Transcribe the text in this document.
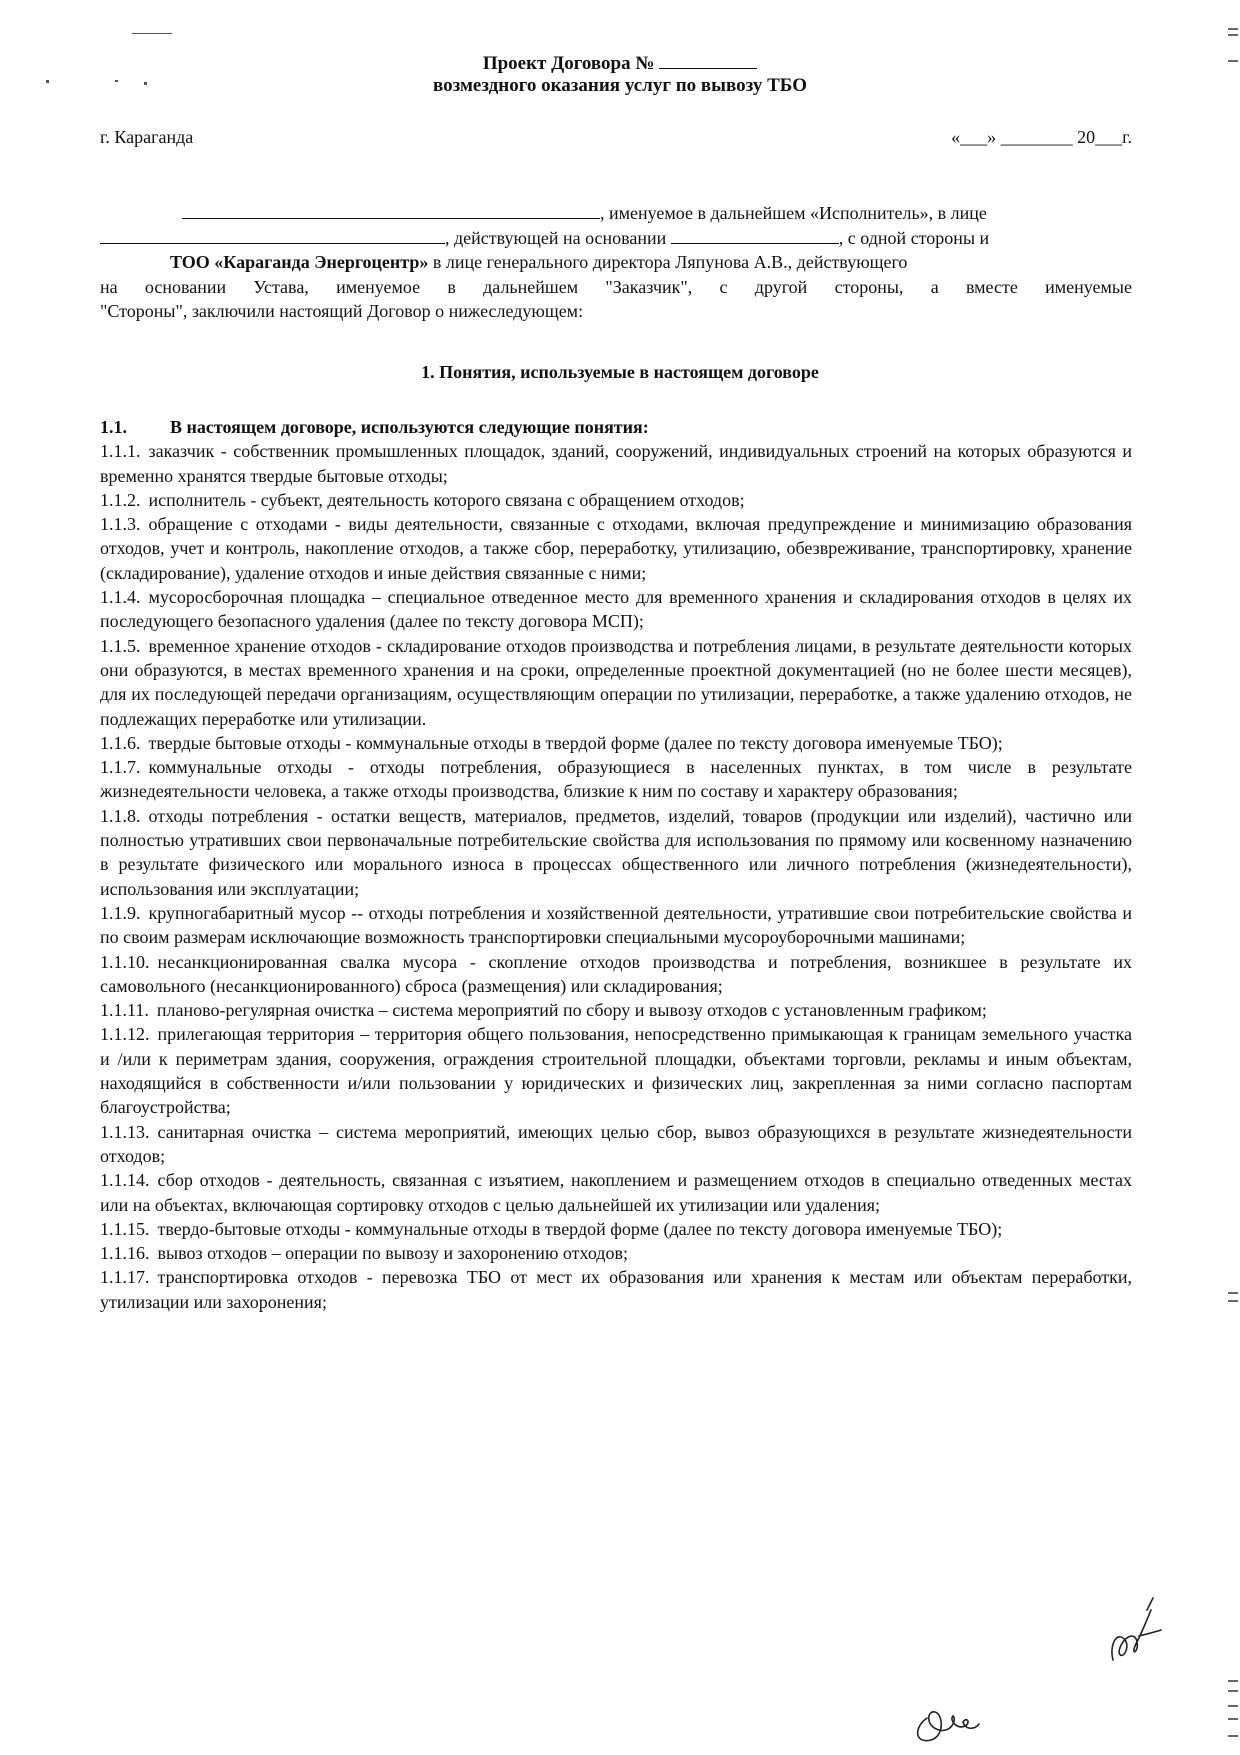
Проект Договора №
возмездного оказания услуг по вывозу ТБО
г. Караганда	«___» ________ 20___г.
, именуемое в дальнейшем «Исполнитель», в лице
, действующей на основании	, с одной стороны и
ТОО «Караганда Энергоцентр» в лице генерального директора Ляпунова А.В., действующего
на основании Устава, именуемое в дальнейшем "Заказчик", с другой стороны, а вместе именуемые
"Стороны", заключили настоящий Договор о нижеследующем:
1. Понятия, используемые в настоящем договоре
1.1. В настоящем договоре, используются следующие понятия:

1.1.1. заказчик - собственник промышленных площадок, зданий, сооружений, индивидуальных строений на которых образуются и временно хранятся твердые бытовые отходы;

1.1.2. исполнитель - субъект, деятельность которого связана с обращением отходов;

1.1.3. обращение с отходами - виды деятельности, связанные с отходами, включая предупреждение и минимизацию образования отходов, учет и контроль, накопление отходов, а также сбор, переработку, утилизацию, обезвреживание, транспортировку, хранение (складирование), удаление отходов и иные действия связанные с ними;

1.1.4. мусоросборочная площадка – специальное отведенное место для временного хранения и складирования отходов в целях их последующего безопасного удаления (далее по тексту договора МСП);

1.1.5. временное хранение отходов - складирование отходов производства и потребления лицами, в результате деятельности которых они образуются, в местах временного хранения и на сроки, определенные проектной документацией (но не более шести месяцев), для их последующей передачи организациям, осуществляющим операции по утилизации, переработке, а также удалению отходов, не подлежащих переработке или утилизации.

1.1.6. твердые бытовые отходы - коммунальные отходы в твердой форме (далее по тексту договора именуемые ТБО);

1.1.7. коммунальные отходы - отходы потребления, образующиеся в населенных пунктах, в том числе в результате жизнедеятельности человека, а также отходы производства, близкие к ним по составу и характеру образования;

1.1.8. отходы потребления - остатки веществ, материалов, предметов, изделий, товаров (продукции или изделий), частично или полностью утративших свои первоначальные потребительские свойства для использования по прямому или косвенному назначению в результате физического или морального износа в процессах общественного или личного потребления (жизнедеятельности), использования или эксплуатации;

1.1.9. крупногабаритный мусор -- отходы потребления и хозяйственной деятельности, утратившие свои потребительские свойства и по своим размерам исключающие возможность транспортировки специальными мусороуборочными машинами;

1.1.10. несанкционированная свалка мусора - скопление отходов производства и потребления, возникшее в результате их самовольного (несанкционированного) сброса (размещения) или складирования;

1.1.11. планово-регулярная очистка – система мероприятий по сбору и вывозу отходов с установленным графиком;

1.1.12. прилегающая территория – территория общего пользования, непосредственно примыкающая к границам земельного участка и /или к периметрам здания, сооружения, ограждения строительной площадки, объектами торговли, рекламы и иным объектам, находящийся в собственности и/или пользовании у юридических и физических лиц, закрепленная за ними согласно паспортам благоустройства;

1.1.13. санитарная очистка – система мероприятий, имеющих целью сбор, вывоз образующихся в результате жизнедеятельности отходов;

1.1.14. сбор отходов - деятельность, связанная с изъятием, накоплением и размещением отходов в специально отведенных местах или на объектах, включающая сортировку отходов с целью дальнейшей их утилизации или удаления;

1.1.15. твердо-бытовые отходы - коммунальные отходы в твердой форме (далее по тексту договора именуемые ТБО);

1.1.16. вывоз отходов – операции по вывозу и захоронению отходов;

1.1.17. транспортировка отходов - перевозка ТБО от мест их образования или хранения к местам или объектам переработки, утилизации или захоронения;
